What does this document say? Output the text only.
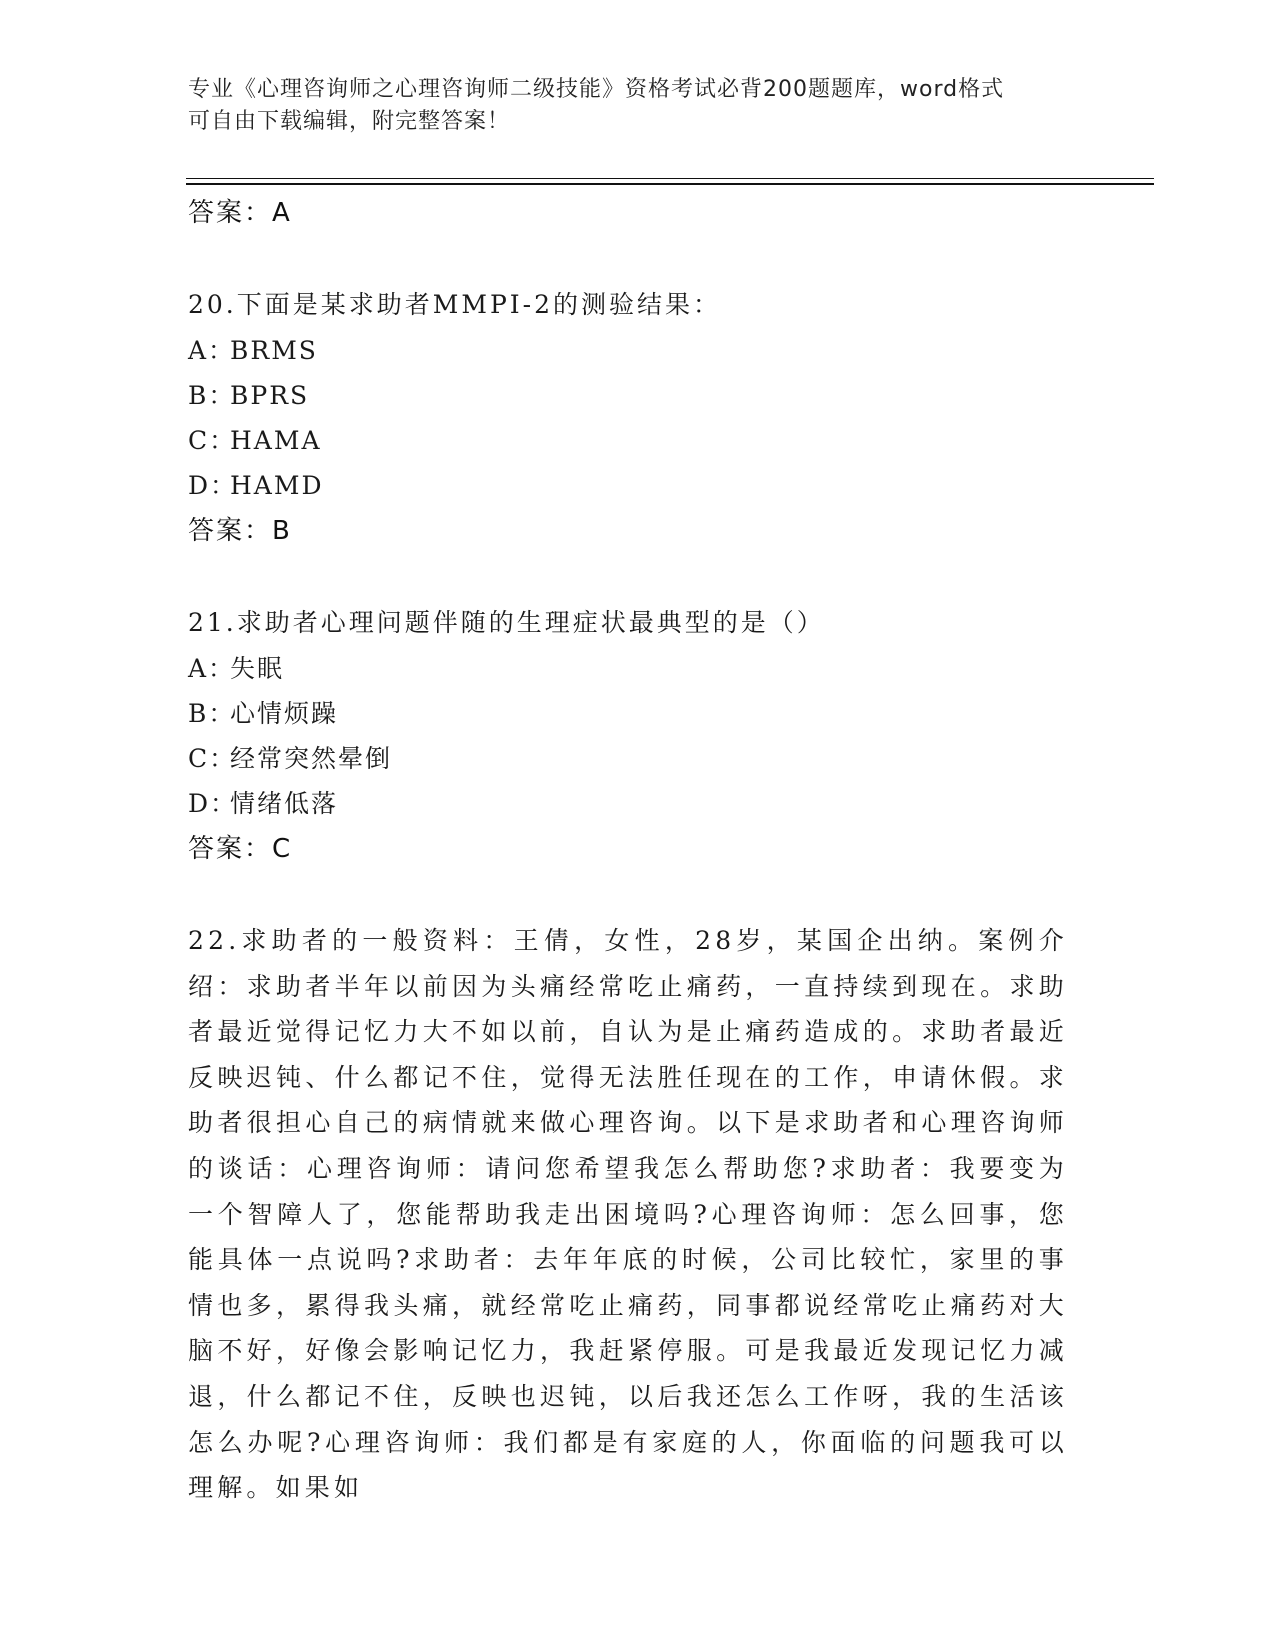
专业《心理咨询师之心理咨询师二级技能》资格考试必背200题题库，word格式
可自由下载编辑，附完整答案！
答案：A
20.下面是某求助者MMPI-2的测验结果：
A：BRMS
B：BPRS
C：HAMA
D：HAMD
答案：B
21.求助者心理问题伴随的生理症状最典型的是（）
A：失眠
B：心情烦躁
C：经常突然晕倒
D：情绪低落
答案：C
22.求助者的一般资料：王倩，女性，28岁，某国企出纳。案例介绍：求助者半年以前因为头痛经常吃止痛药，一直持续到现在。求助者最近觉得记忆力大不如以前，自认为是止痛药造成的。求助者最近反映迟钝、什么都记不住，觉得无法胜任现在的工作，申请休假。求助者很担心自己的病情就来做心理咨询。以下是求助者和心理咨询师的谈话：心理咨询师：请问您希望我怎么帮助您?求助者：我要变为一个智障人了，您能帮助我走出困境吗?心理咨询师：怎么回事，您能具体一点说吗?求助者：去年年底的时候，公司比较忙，家里的事情也多，累得我头痛，就经常吃止痛药，同事都说经常吃止痛药对大脑不好，好像会影响记忆力，我赶紧停服。可是我最近发现记忆力减退，什么都记不住，反映也迟钝，以后我还怎么工作呀，我的生活该怎么办呢?心理咨询师：我们都是有家庭的人，你面临的问题我可以理解。如果如
